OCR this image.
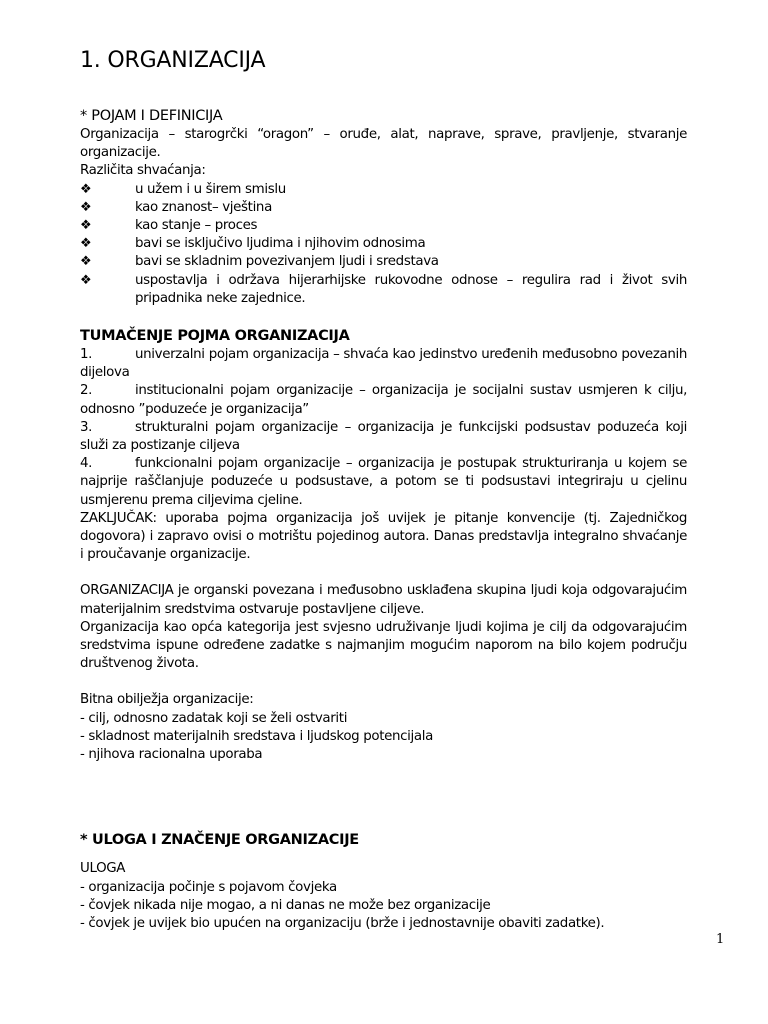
1. ORGANIZACIJA
* POJAM I DEFINICIJA

Organizacija – starogrčki “oragon” – oruđe, alat, naprave, sprave, pravljenje, stvaranje organizacije.

Različita shvaćanja:

❖	u užem i u širem smislu
❖	kao znanost– vještina
❖	kao stanje – proces
❖	bavi se isključivo ljudima i njihovim odnosima
❖	bavi se skladnim povezivanjem ljudi i sredstava
❖	uspostavlja i održava hijerarhijske rukovodne odnose – regulira rad i život svih pripadnika neke zajednice.
TUMAČENJE POJMA ORGANIZACIJA
1.	univerzalni pojam organizacija – shvaća kao jedinstvo uređenih međusobno povezanih dijelova
2.	institucionalni pojam organizacije – organizacija je socijalni sustav usmjeren k cilju, odnosno ”poduzeće je organizacija”
3.	strukturalni pojam organizacije – organizacija je funkcijski podsustav poduzeća koji služi za postizanje ciljeva
4.	funkcionalni pojam organizacije – organizacija je postupak strukturiranja u kojem se najprije raščlanjuje poduzeće u podsustave, a potom se ti podsustavi integriraju u cjelinu usmjerenu prema ciljevima cjeline.

ZAKLJUČAK: uporaba pojma organizacija još uvijek je pitanje konvencije (tj. Zajedničkog dogovora) i zapravo ovisi o motrištu pojedinog autora. Danas predstavlja integralno shvaćanje i proučavanje organizacije.

ORGANIZACIJA je organski povezana i međusobno usklađena skupina ljudi koja odgovarajućim materijalnim sredstvima ostvaruje postavljene ciljeve.

Organizacija kao opća kategorija jest svjesno udruživanje ljudi kojima je cilj da odgovarajućim sredstvima ispune određene zadatke s najmanjim mogućim naporom na bilo kojem području društvenog života.

Bitna obilježja organizacije:

- cilj, odnosno zadatak koji se želi ostvariti

- skladnost materijalnih sredstava i ljudskog potencijala

- njihova racionalna uporaba

* ULOGA I ZNAČENJE ORGANIZACIJE

ULOGA

- organizacija počinje s pojavom čovjeka

- čovjek nikada nije mogao, a ni danas ne može bez organizacije

- čovjek je uvijek bio upućen na organizaciju (brže i jednostavnije obaviti zadatke).

1
